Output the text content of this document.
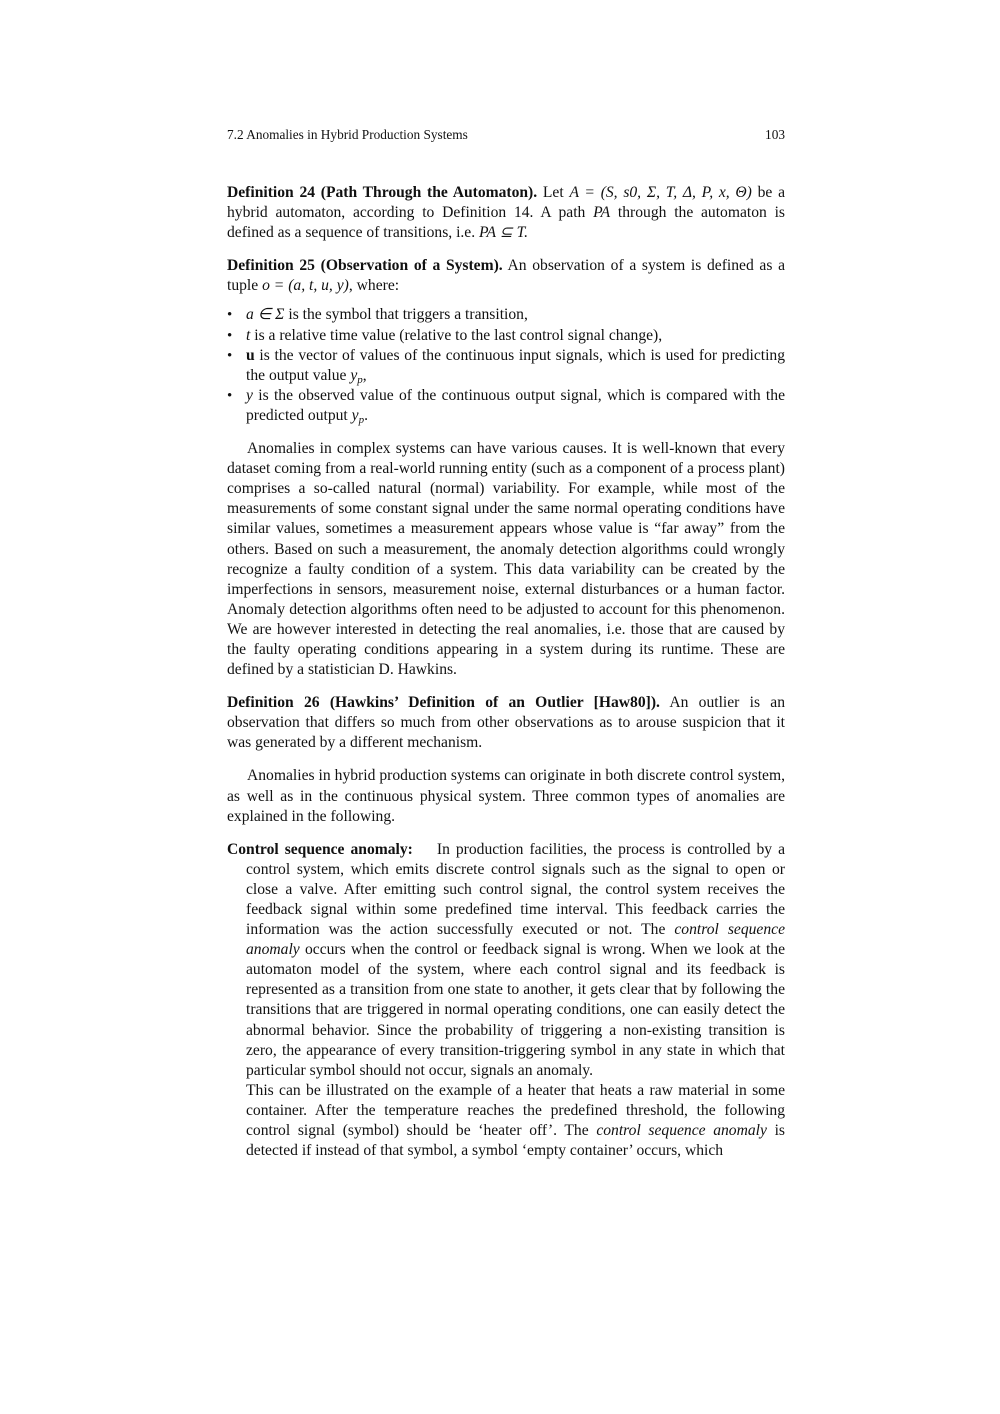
7.2 Anomalies in Hybrid Production Systems	103

Definition 24 (Path Through the Automaton). Let A = (S, s0, Σ, T, Δ, P, x, Θ) be a hybrid automaton, according to Definition 14. A path PA through the automaton is defined as a sequence of transitions, i.e. PA ⊆ T.

Definition 25 (Observation of a System). An observation of a system is defined as a tuple o = (a, t, u, y), where:

• a ∈ Σ is the symbol that triggers a transition,
• t is a relative time value (relative to the last control signal change),
• u is the vector of values of the continuous input signals, which is used for predicting the output value $y_p$,
• y is the observed value of the continuous output signal, which is compared with the predicted output $y_p$.

Anomalies in complex systems can have various causes. It is well-known that every dataset coming from a real-world running entity (such as a component of a process plant) comprises a so-called natural (normal) variability. For example, while most of the measurements of some constant signal under the same normal operating conditions have similar values, sometimes a measurement appears whose value is “far away” from the others. Based on such a measurement, the anomaly detection algorithms could wrongly recognize a faulty condition of a system. This data variability can be created by the imperfections in sensors, measurement noise, external disturbances or a human factor. Anomaly detection algorithms often need to be adjusted to account for this phenomenon. We are however interested in detecting the real anomalies, i.e. those that are caused by the faulty operating conditions appearing in a system during its runtime. These are defined by a statistician D. Hawkins.

Definition 26 (Hawkins’ Definition of an Outlier [Haw80]). An outlier is an observation that differs so much from other observations as to arouse suspicion that it was generated by a different mechanism.

Anomalies in hybrid production systems can originate in both discrete control system, as well as in the continuous physical system. Three common types of anomalies are explained in the following.

Control sequence anomaly: In production facilities, the process is controlled by a control system, which emits discrete control signals such as the signal to open or close a valve. After emitting such control signal, the control system receives the feedback signal within some predefined time interval. This feedback carries the information was the action successfully executed or not. The control sequence anomaly occurs when the control or feedback signal is wrong. When we look at the automaton model of the system, where each control signal and its feedback is represented as a transition from one state to another, it gets clear that by following the transitions that are triggered in normal operating conditions, one can easily detect the abnormal behavior. Since the probability of triggering a non-existing transition is zero, the appearance of every transition-triggering symbol in any state in which that particular symbol should not occur, signals an anomaly.

This can be illustrated on the example of a heater that heats a raw material in some container. After the temperature reaches the predefined threshold, the following control signal (symbol) should be ‘heater off’. The control sequence anomaly is detected if instead of that symbol, a symbol ‘empty container’ occurs, which
